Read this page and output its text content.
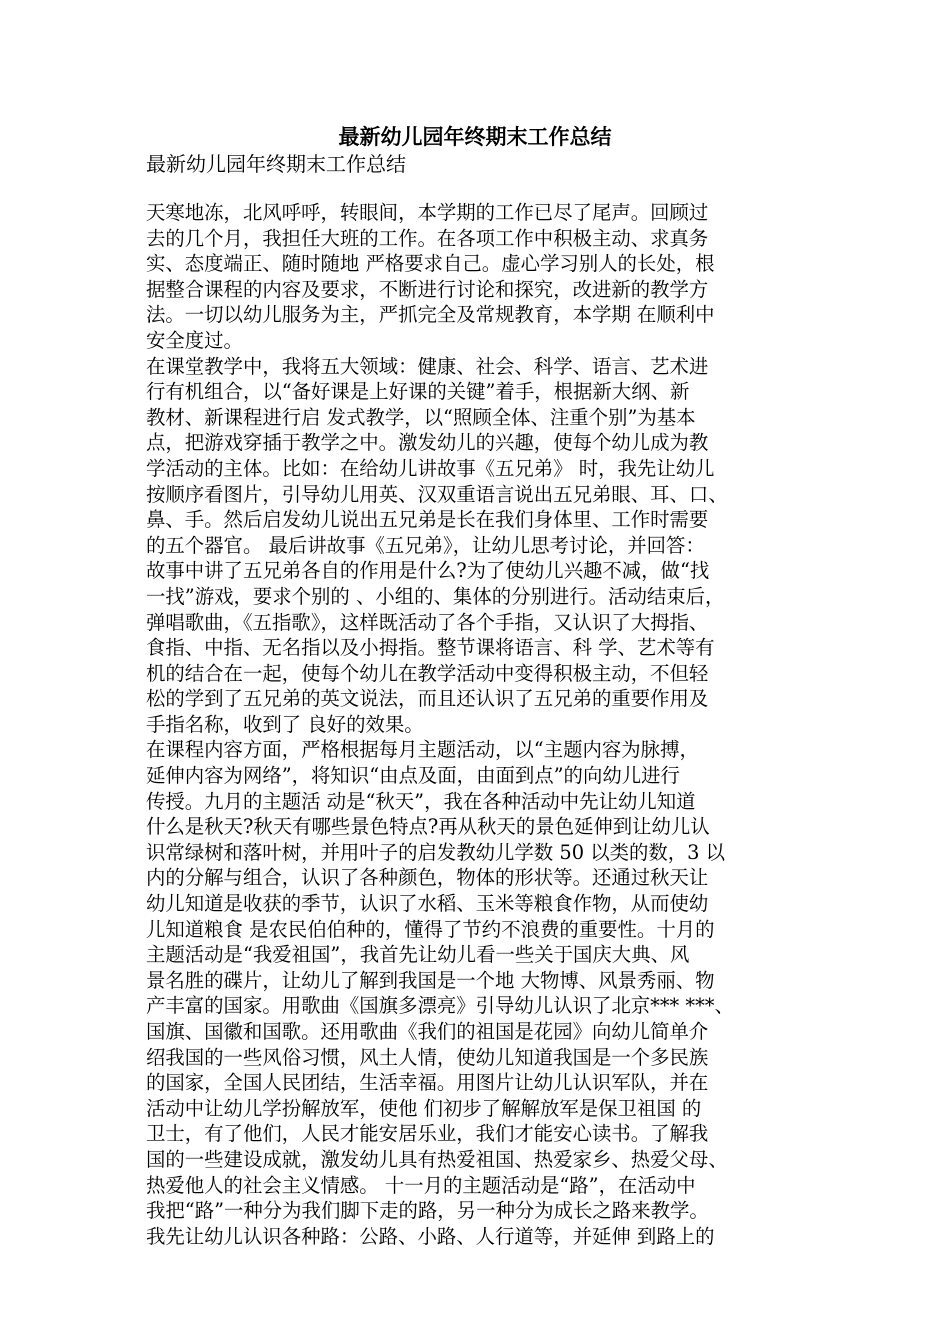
最新幼儿园年终期末工作总结
最新幼儿园年终期末工作总结
天寒地冻，北风呼呼，转眼间，本学期的工作已尽了尾声。回顾过
去的几个月，我担任大班的工作。在各项工作中积极主动、求真务
实、态度端正、随时随地 严格要求自己。虚心学习别人的长处，根
据整合课程的内容及要求，不断进行讨论和探究，改进新的教学方
法。一切以幼儿服务为主，严抓完全及常规教育，本学期 在顺利中
安全度过。
在课堂教学中，我将五大领域：健康、社会、科学、语言、艺术进
行有机组合，以“备好课是上好课的关键”着手，根据新大纲、新
教材、新课程进行启 发式教学，以“照顾全体、注重个别”为基本
点，把游戏穿插于教学之中。激发幼儿的兴趣，使每个幼儿成为教
学活动的主体。比如：在给幼儿讲故事《五兄弟》 时，我先让幼儿
按顺序看图片，引导幼儿用英、汉双重语言说出五兄弟眼、耳、口、
鼻、手。然后启发幼儿说出五兄弟是长在我们身体里、工作时需要
的五个器官。 最后讲故事《五兄弟》，让幼儿思考讨论，并回答：
故事中讲了五兄弟各自的作用是什么?为了使幼儿兴趣不减，做“找
一找”游戏，要求个别的 、小组的、集体的分别进行。活动结束后，
弹唱歌曲，《五指歌》，这样既活动了各个手指，又认识了大拇指、
食指、中指、无名指以及小拇指。整节课将语言、科 学、艺术等有
机的结合在一起，使每个幼儿在教学活动中变得积极主动，不但轻
松的学到了五兄弟的英文说法，而且还认识了五兄弟的重要作用及
手指名称，收到了 良好的效果。
在课程内容方面，严格根据每月主题活动，以“主题内容为脉搏，
延伸内容为网络”，将知识“由点及面，由面到点”的向幼儿进行
传授。九月的主题活 动是“秋天”，我在各种活动中先让幼儿知道
什么是秋天?秋天有哪些景色特点?再从秋天的景色延伸到让幼儿认
识常绿树和落叶树，并用叶子的启发教幼儿学数 50 以类的数，3 以
内的分解与组合，认识了各种颜色，物体的形状等。还通过秋天让
幼儿知道是收获的季节，认识了水稻、玉米等粮食作物，从而使幼
儿知道粮食 是农民伯伯种的，懂得了节约不浪费的重要性。十月的
主题活动是“我爱祖国”，我首先让幼儿看一些关于国庆大典、风
景名胜的碟片，让幼儿了解到我国是一个地 大物博、风景秀丽、物
产丰富的国家。用歌曲《国旗多漂亮》引导幼儿认识了北京*** ***、
国旗、国徽和国歌。还用歌曲《我们的祖国是花园》向幼儿简单介
绍我国的一些风俗习惯，风土人情，使幼儿知道我国是一个多民族
的国家，全国人民团结，生活幸福。用图片让幼儿认识军队，并在
活动中让幼儿学扮解放军，使他 们初步了解解放军是保卫祖国 的
卫士，有了他们，人民才能安居乐业，我们才能安心读书。了解我
国的一些建设成就，激发幼儿具有热爱祖国、热爱家乡、热爱父母、
热爱他人的社会主义情感。 十一月的主题活动是“路”，在活动中
我把“路”一种分为我们脚下走的路，另一种分为成长之路来教学。
我先让幼儿认识各种路：公路、小路、人行道等，并延伸 到路上的
